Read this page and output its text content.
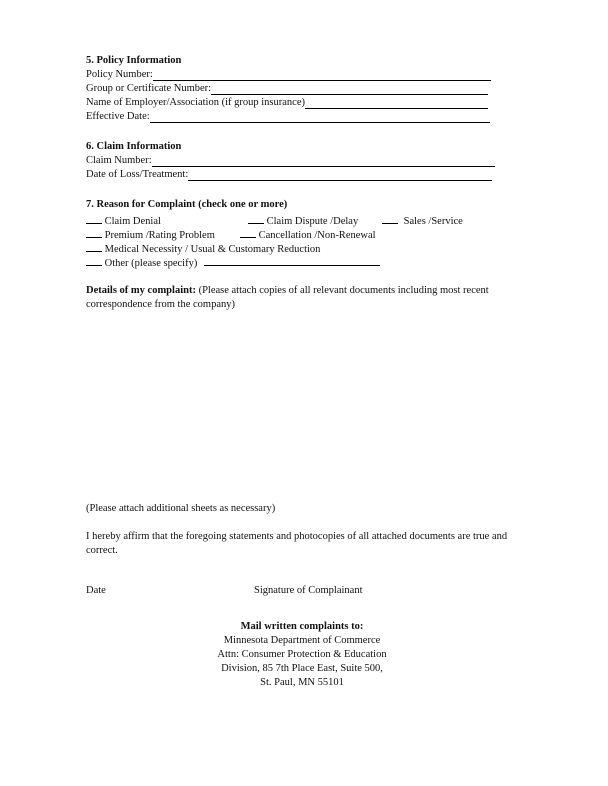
5. Policy Information
Policy Number:
Group or Certificate Number:
Name of Employer/Association (if group insurance)
Effective Date:
6. Claim Information
Claim Number:
Date of Loss/Treatment:
7. Reason for Complaint (check one or more)
Claim Denial	Claim Dispute /Delay	Sales /Service
Premium /Rating Problem	Cancellation /Non-Renewal
Medical Necessity / Usual & Customary Reduction
Other (please specify)
Details of my complaint: (Please attach copies of all relevant documents including most recent correspondence from the company)
(Please attach additional sheets as necessary)
I hereby affirm that the foregoing statements and photocopies of all attached documents are true and correct.
Date	Signature of Complainant
Mail written complaints to:
Minnesota Department of Commerce
Attn: Consumer Protection & Education
Division, 85 7th Place East, Suite 500,
St. Paul, MN 55101
